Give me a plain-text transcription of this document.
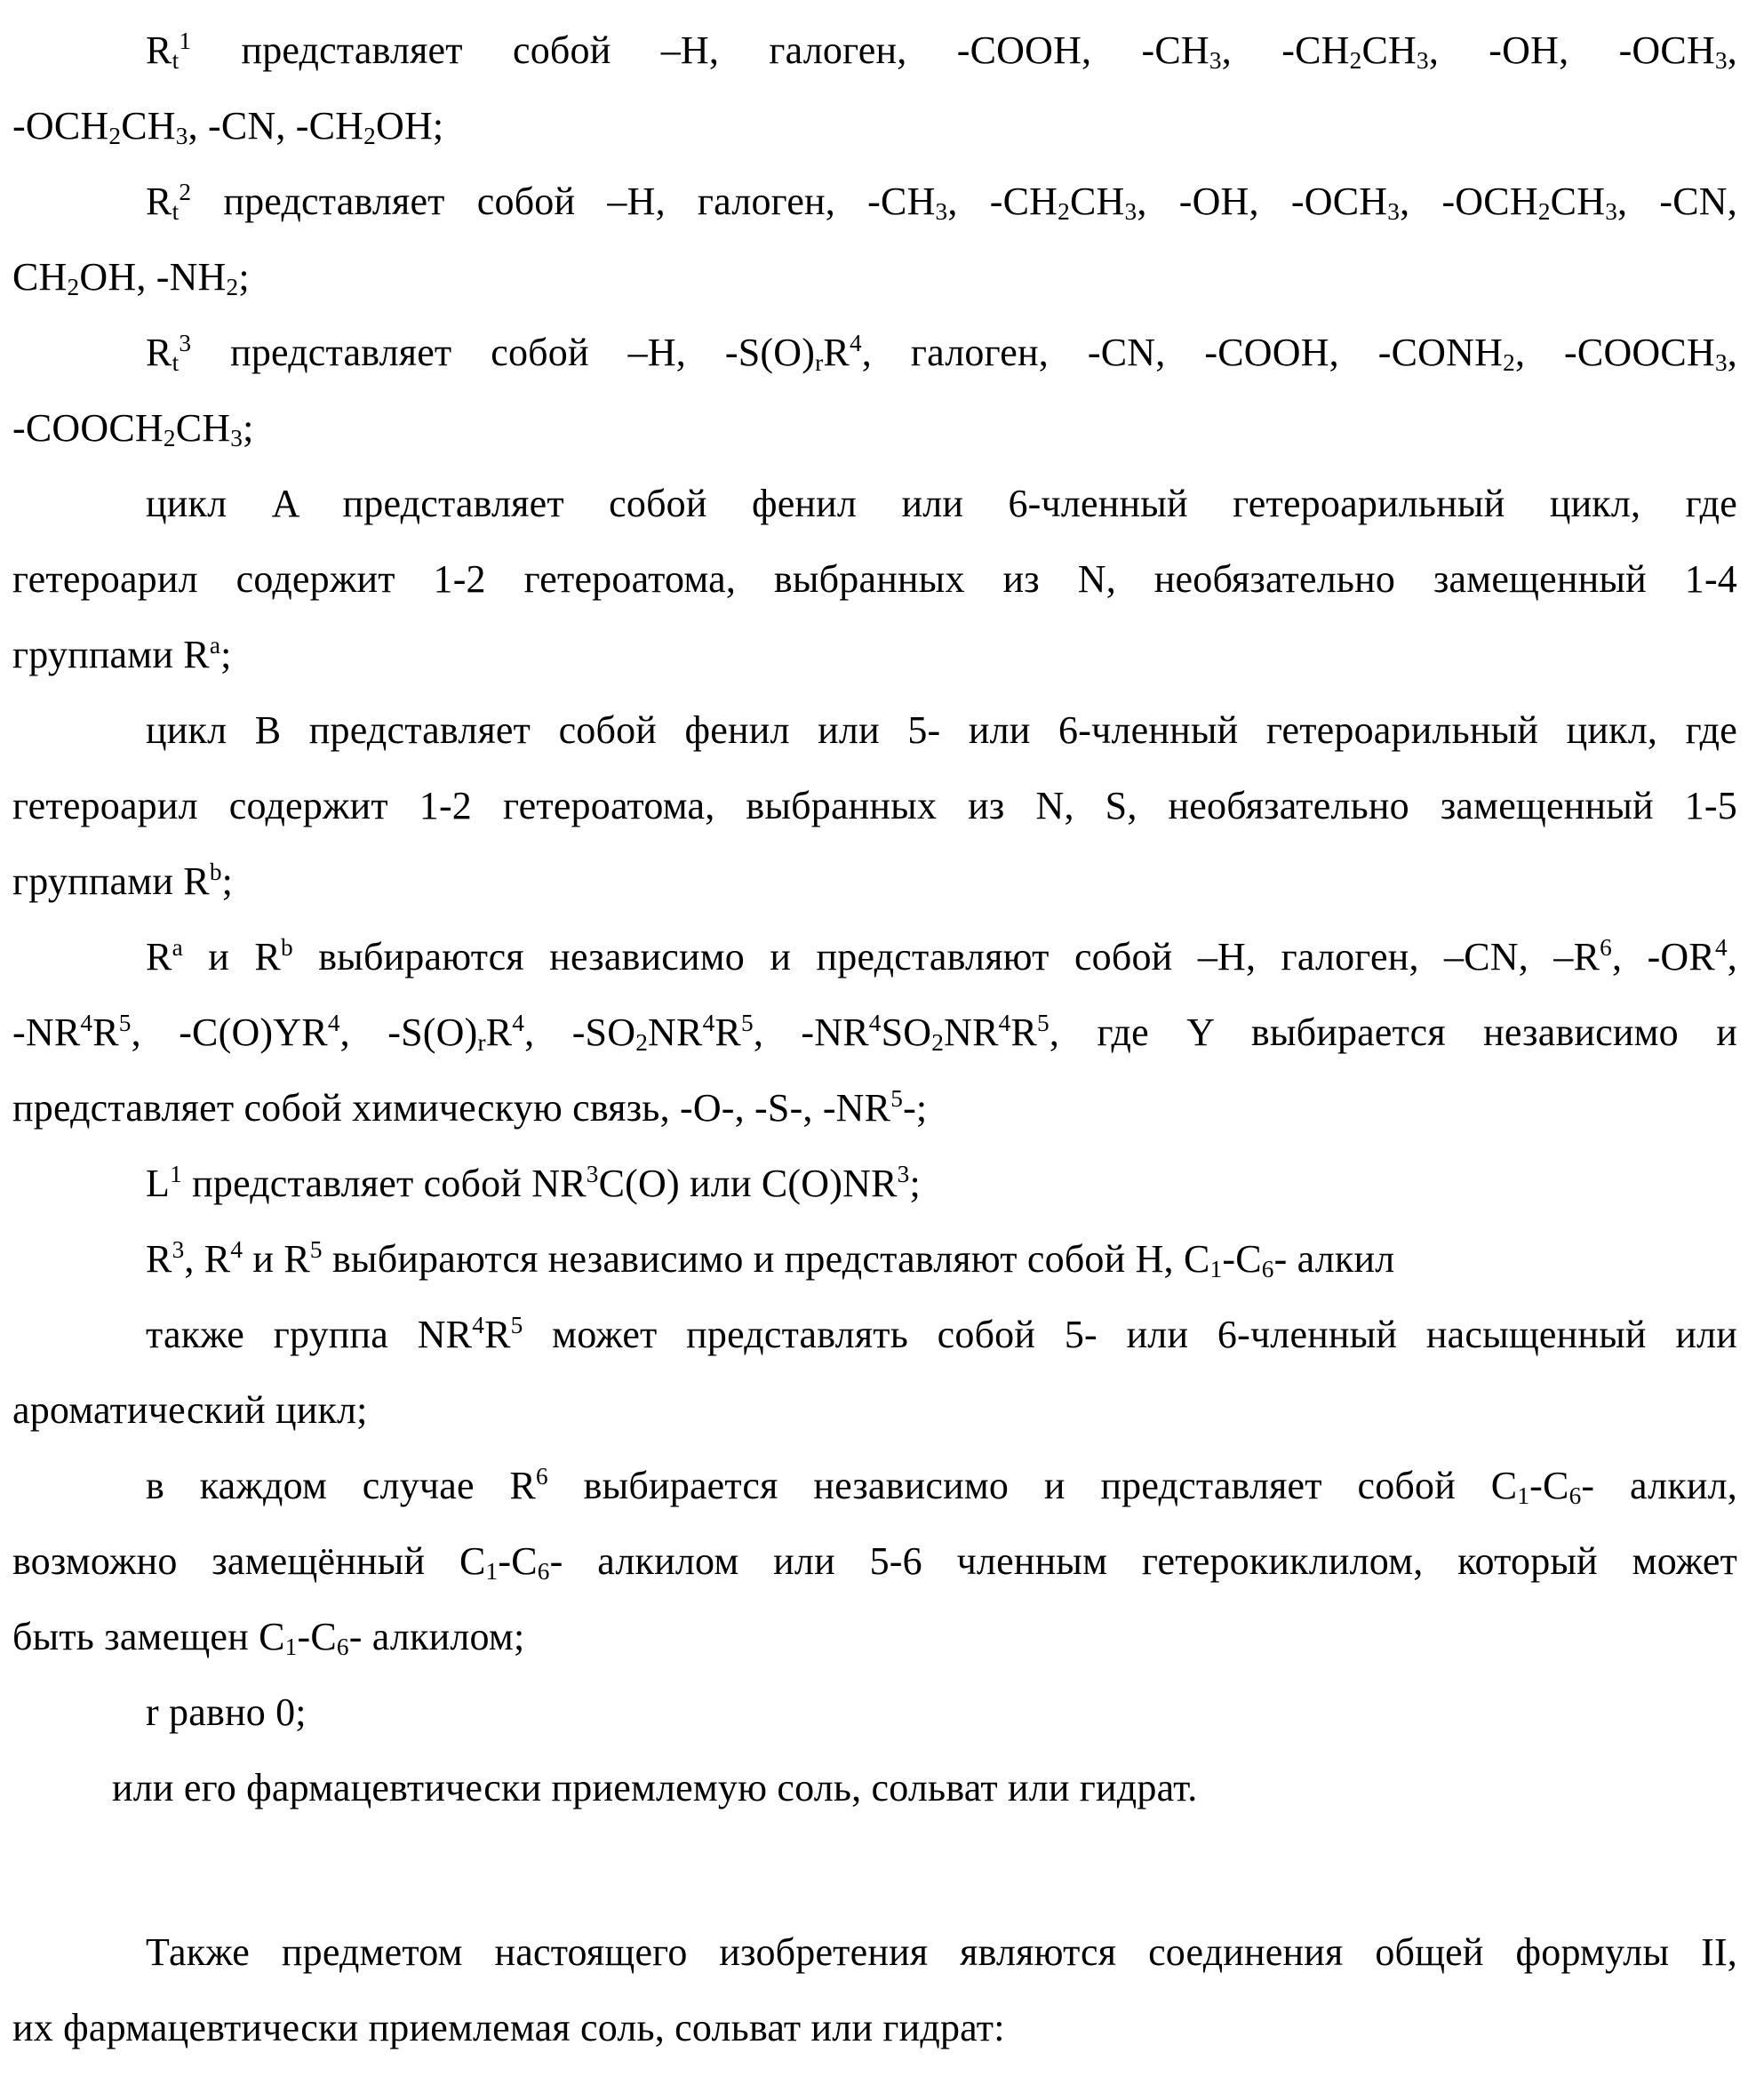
$R_t^1$ представляет собой –H, галоген, -COOH, $-CH_3$, $-CH_2CH_3$, -OH, $-OCH_3$,
$-OCH_2CH_3$, -CN, $-CH_2OH$;
$R_t^2$ представляет собой –H, галоген, $-CH_3$, $-CH_2CH_3$, -OH, $-OCH_3$, $-OCH_2CH_3$, -CN,
$CH_2OH$, $-NH_2$;
$R_t^3$ представляет собой –H, $-S(O)_rR^4$, галоген, -CN, -COOH, $-CONH_2$, $-COOCH_3$,
$-COOCH_2CH_3$;
цикл A представляет собой фенил или 6-членный гетероарильный цикл, где
гетероарил содержит 1-2 гетероатома, выбранных из N, необязательно замещенный 1-4
группами $R^a$;
цикл B представляет собой фенил или 5- или 6-членный гетероарильный цикл, где
гетероарил содержит 1-2 гетероатома, выбранных из N, S, необязательно замещенный 1-5
группами $R^b$;
$R^a$ и $R^b$ выбираются независимо и представляют собой –H, галоген, –CN, $-R^6$, $-OR^4$,
$-NR^4R^5$, $-C(O)YR^4$, $-S(O)_rR^4$, $-SO_2NR^4R^5$, $-NR^4SO_2NR^4R^5$, где Y выбирается независимо и
представляет собой химическую связь, -O-, -S-, $-NR^5-$;
$L^1$ представляет собой $NR^3C(O)$ или $C(O)NR^3$;
$R^3$, $R^4$ и $R^5$ выбираются независимо и представляют собой H, $C_1-C_6-$ алкил
также группа $NR^4R^5$ может представлять собой 5- или 6-членный насыщенный или
ароматический цикл;
в каждом случае $R^6$ выбирается независимо и представляет собой $C_1-C_6-$ алкил,
возможно замещённый $C_1-C_6-$ алкилом или 5-6 членным гетерокиклилом, который может
быть замещен $C_1-C_6-$ алкилом;
r равно 0;
или его фармацевтически приемлемую соль, сольват или гидрат.
Также предметом настоящего изобретения являются соединения общей формулы II,
их фармацевтически приемлемая соль, сольват или гидрат:
